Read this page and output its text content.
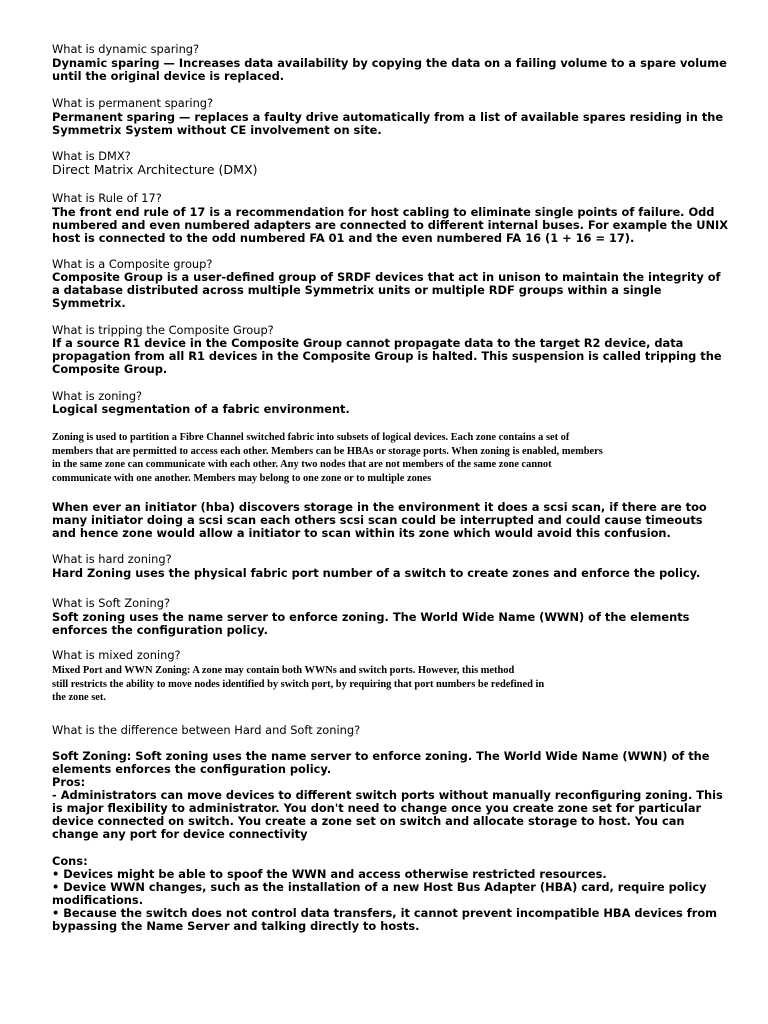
What is dynamic sparing?
Dynamic sparing — Increases data availability by copying the data on a failing volume to a spare volume
until the original device is replaced.
What is permanent sparing?
Permanent sparing — replaces a faulty drive automatically from a list of available spares residing in the
Symmetrix System without CE involvement on site.
What is DMX?
Direct Matrix Architecture (DMX)
What is Rule of 17?
The front end rule of 17 is a recommendation for host cabling to eliminate single points of failure. Odd
numbered and even numbered adapters are connected to different internal buses. For example the UNIX
host is connected to the odd numbered FA 01 and the even numbered FA 16 (1 + 16 = 17).
What is a Composite group?
Composite Group is a user-defined group of SRDF devices that act in unison to maintain the integrity of
a database distributed across multiple Symmetrix units or multiple RDF groups within a single
Symmetrix.
What is tripping the Composite Group?
If a source R1 device in the Composite Group cannot propagate data to the target R2 device, data
propagation from all R1 devices in the Composite Group is halted. This suspension is called tripping the
Composite Group.
What is zoning?
Logical segmentation of a fabric environment.
Zoning is used to partition a Fibre Channel switched fabric into subsets of logical devices. Each zone contains a set of
members that are permitted to access each other. Members can be HBAs or storage ports. When zoning is enabled, members
in the same zone can communicate with each other. Any two nodes that are not members of the same zone cannot
communicate with one another. Members may belong to one zone or to multiple zones
When ever an initiator (hba) discovers storage in the environment it does a scsi scan, if there are too
many initiator doing a scsi scan each others scsi scan could be interrupted and could cause timeouts
and hence zone would allow a initiator to scan within its zone which would avoid this confusion.
What is hard zoning?
Hard Zoning uses the physical fabric port number of a switch to create zones and enforce the policy.
What is Soft Zoning?
Soft zoning uses the name server to enforce zoning. The World Wide Name (WWN) of the elements
enforces the configuration policy.
What is mixed zoning?
Mixed Port and WWN Zoning: A zone may contain both WWNs and switch ports. However, this method
still restricts the ability to move nodes identified by switch port, by requiring that port numbers be redefined in
the zone set.
What is the difference between Hard and Soft zoning?
Soft Zoning: Soft zoning uses the name server to enforce zoning. The World Wide Name (WWN) of the
elements enforces the configuration policy.
Pros:
- Administrators can move devices to different switch ports without manually reconfiguring zoning. This
is major flexibility to administrator. You don't need to change once you create zone set for particular
device connected on switch. You create a zone set on switch and allocate storage to host. You can
change any port for device connectivity
Cons:
• Devices might be able to spoof the WWN and access otherwise restricted resources.
• Device WWN changes, such as the installation of a new Host Bus Adapter (HBA) card, require policy
modifications.
• Because the switch does not control data transfers, it cannot prevent incompatible HBA devices from
bypassing the Name Server and talking directly to hosts.
